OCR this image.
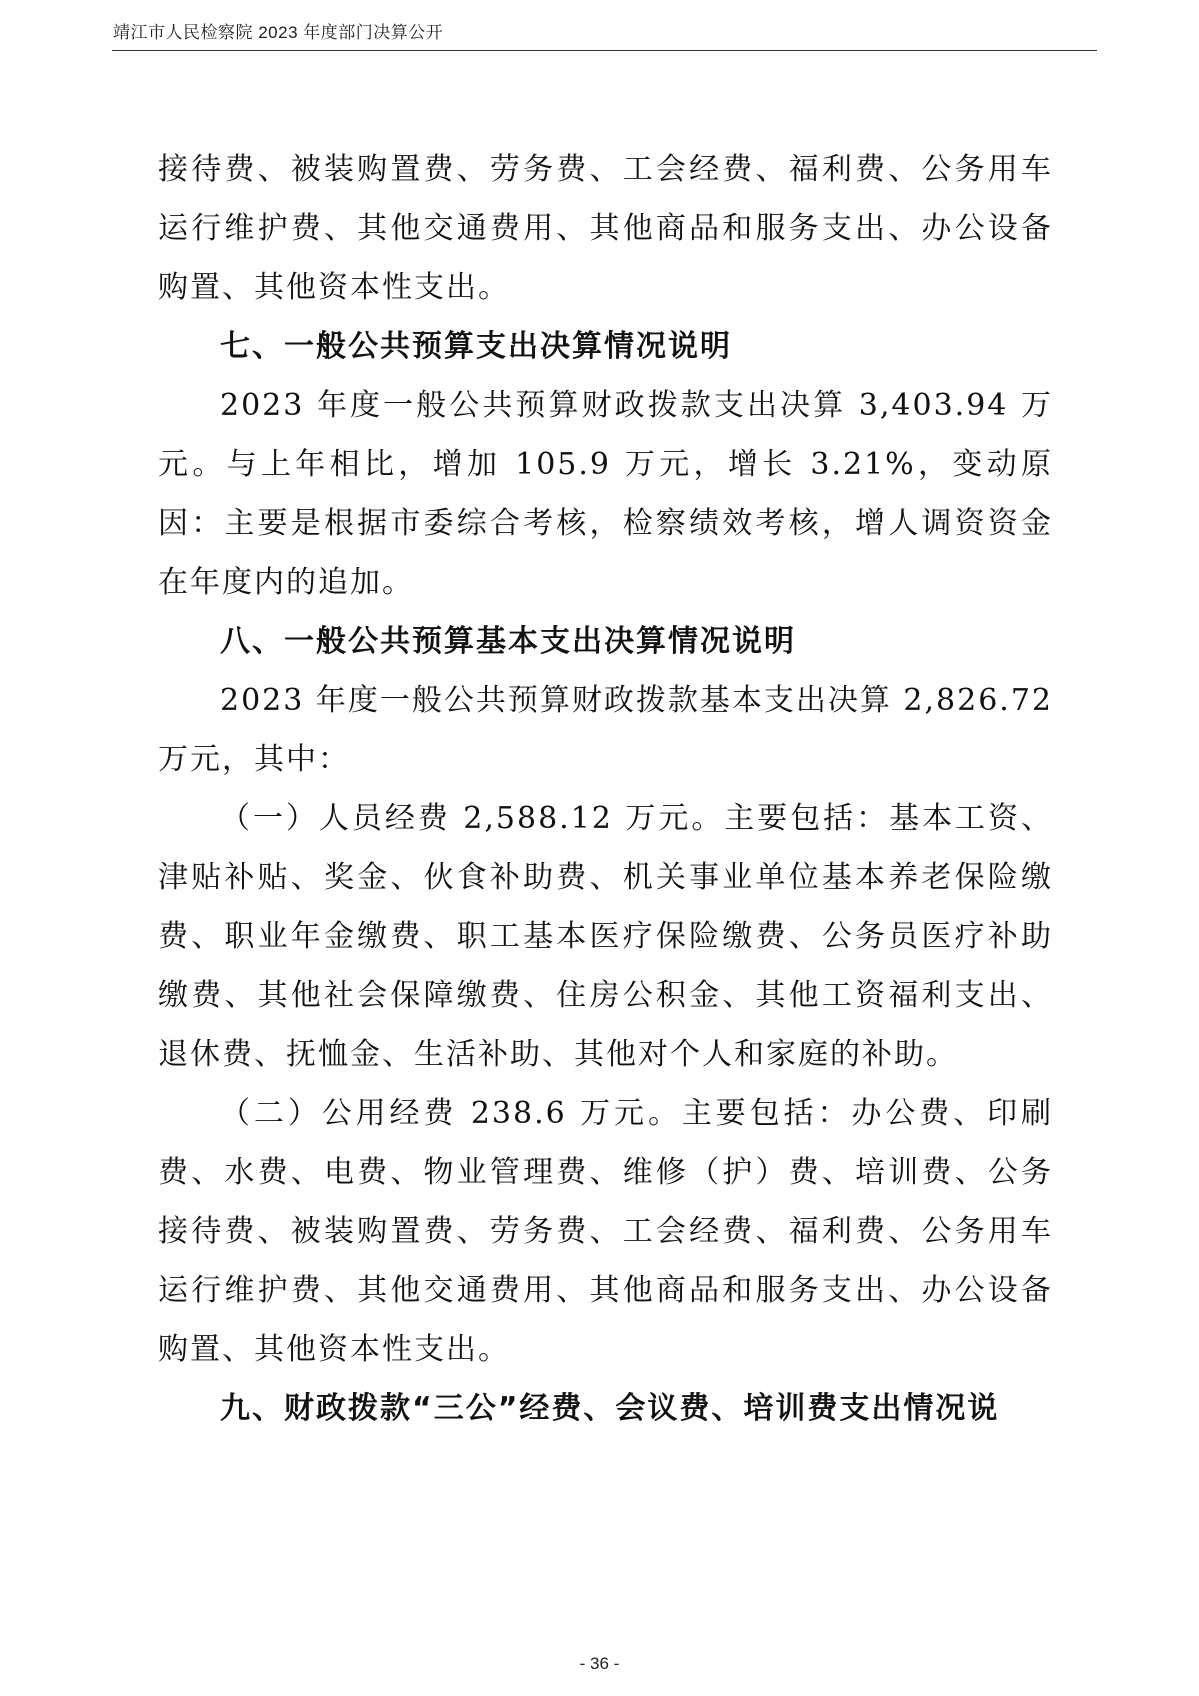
靖江市人民检察院 2023 年度部门决算公开

接待费、被装购置费、劳务费、工会经费、福利费、公务用车运行维护费、其他交通费用、其他商品和服务支出、办公设备购置、其他资本性支出。

七、一般公共预算支出决算情况说明

2023 年度一般公共预算财政拨款支出决算 3,403.94 万元。与上年相比，增加 105.9 万元，增长 3.21%，变动原因：主要是根据市委综合考核，检察绩效考核，增人调资资金在年度内的追加。

八、一般公共预算基本支出决算情况说明

2023 年度一般公共预算财政拨款基本支出决算 2,826.72 万元，其中：

（一）人员经费 2,588.12 万元。主要包括：基本工资、津贴补贴、奖金、伙食补助费、机关事业单位基本养老保险缴费、职业年金缴费、职工基本医疗保险缴费、公务员医疗补助缴费、其他社会保障缴费、住房公积金、其他工资福利支出、退休费、抚恤金、生活补助、其他对个人和家庭的补助。

（二）公用经费 238.6 万元。主要包括：办公费、印刷费、水费、电费、物业管理费、维修（护）费、培训费、公务接待费、被装购置费、劳务费、工会经费、福利费、公务用车运行维护费、其他交通费用、其他商品和服务支出、办公设备购置、其他资本性支出。

九、财政拨款“三公”经费、会议费、培训费支出情况说

- 36 -
